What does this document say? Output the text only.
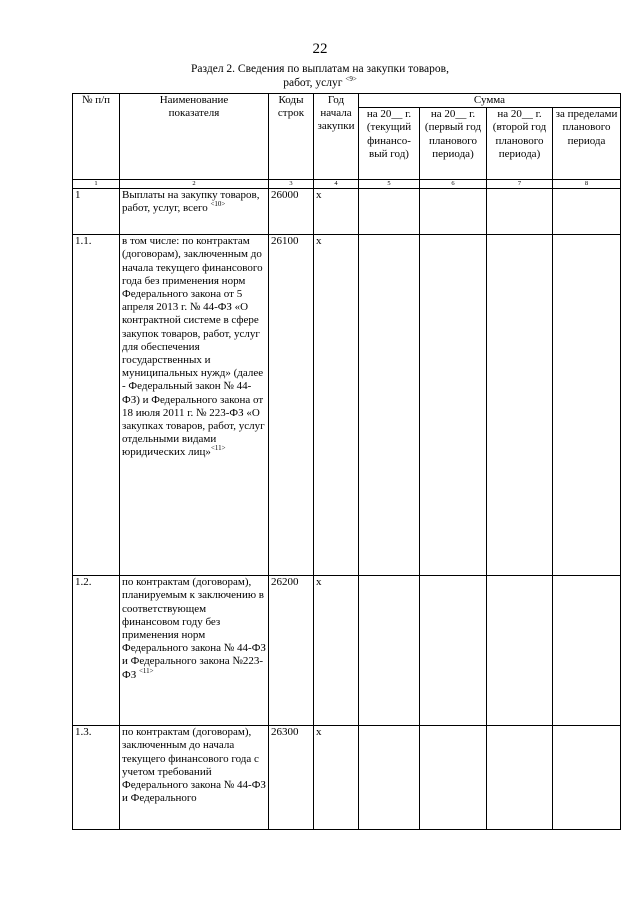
22
Раздел 2. Сведения по выплатам на закупки товаров,
работ, услуг $^{<9>}$
№ п/п	Наименование показателя	Коды строк	Год начала закупки	Сумма			
				на 20__ г. (текущий финансо-вый год)	на 20__ г. (первый год планового периода)	на 20__ г. (второй год планового периода)	за пределами планового периода
1	2	3	4	5	6	7	8
1	Выплаты на закупку товаров, работ, услуг, всего $^{<10>}$	26000	x				
1.1.	в том числе: по контрактам (договорам), заключенным до начала текущего финансового года без применения норм Федерального закона от 5 апреля 2013 г. № 44-ФЗ «О контрактной системе в сфере закупок товаров, работ, услуг для обеспечения государственных и муниципальных нужд» (далее - Федеральный закон № 44-ФЗ) и Федерального закона от 18 июля 2011 г. № 223-ФЗ «О закупках товаров, работ, услуг отдельными видами юридических лиц»$^{<11>}$	26100	x				
1.2.	по контрактам (договорам), планируемым к заключению в соответствующем финансовом году без применения норм Федерального закона № 44-ФЗ и Федерального закона №223-ФЗ $^{<11>}$	26200	x				
1.3.	по контрактам (договорам), заключенным до начала текущего финансового года с учетом требований Федерального закона № 44-ФЗ и Федерального	26300	x				
